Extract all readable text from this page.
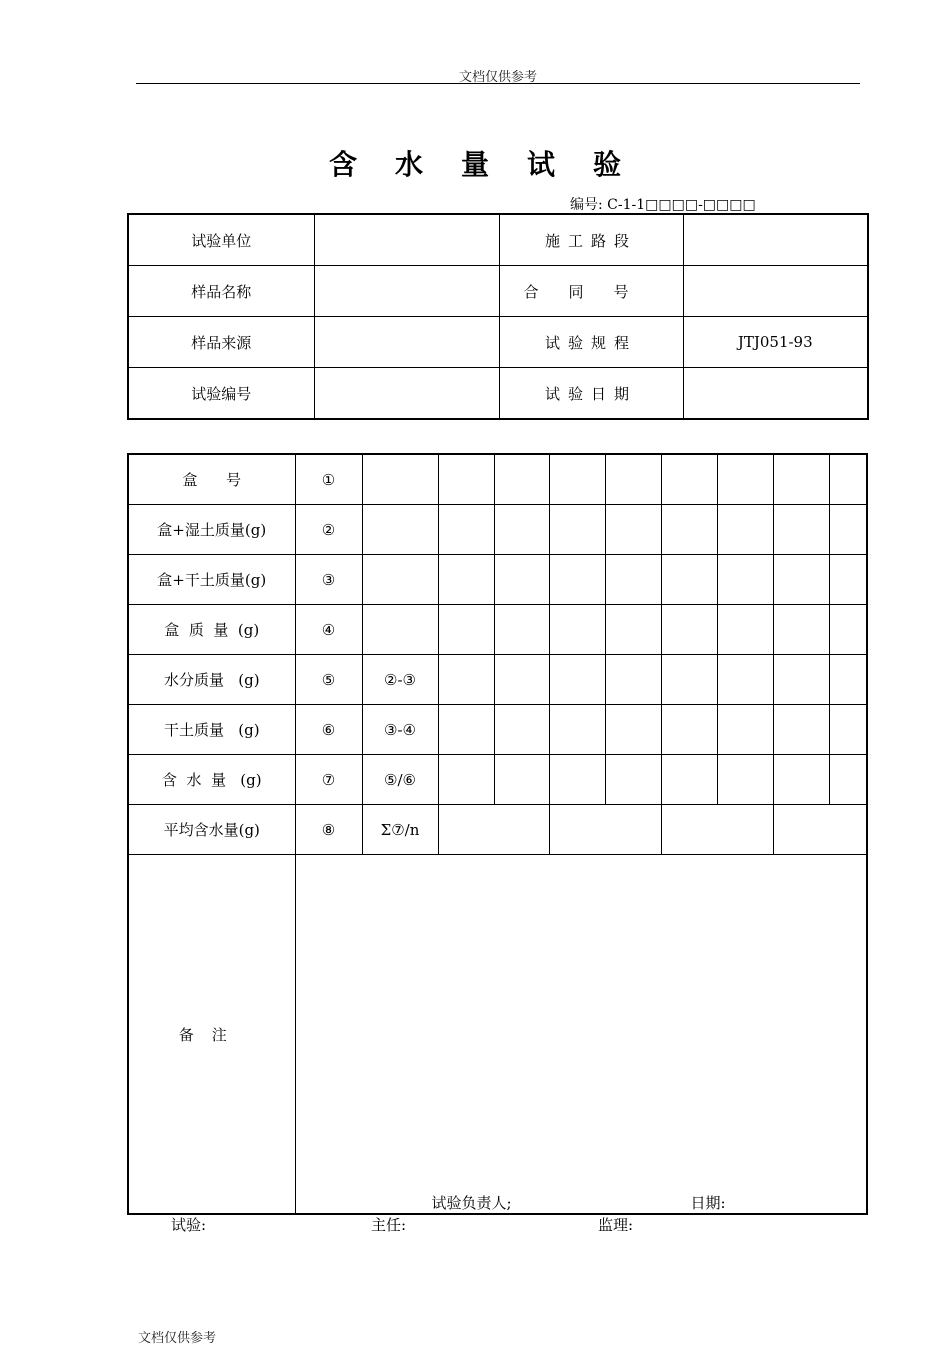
文档仅供参考
含水量试验
编号: C-1-1□□□□-□□□□
试验单位		施工路段	
样品名称		合同号	
样品来源		试验规程	JTJ051-93
试验编号		试验日期	
盒      号	①									
盒+湿土质量(g)	②									
盒+干土质量(g)	③									
盒  质  量  (g)	④									
水分质量   (g)	⑤	②-③								
干土质量   (g)	⑥	③-④								
含  水  量   (g)	⑦	⑤/⑥								
平均含水量(g)	⑧	Σ⑦/n								
备注	试验负责人; 日期:									
试验:	主任:	监理:
文档仅供参考
